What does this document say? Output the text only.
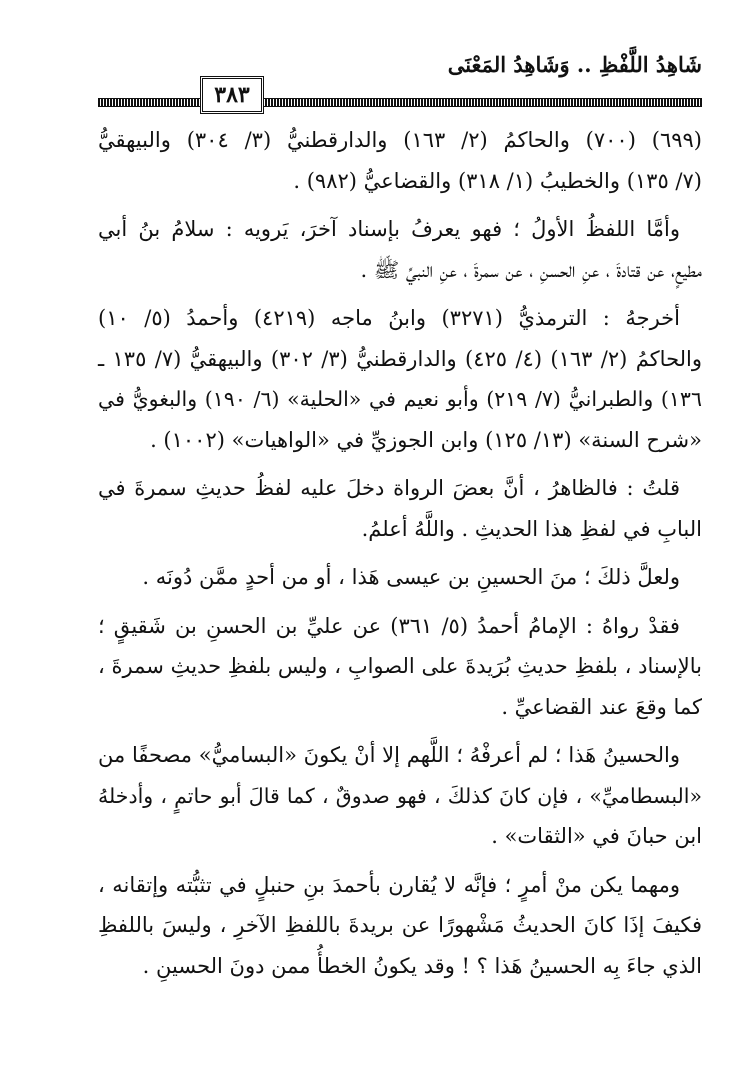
شَاهِدُ اللَّفْظِ .. وَشَاهِدُ المَعْنَى
٣٨٣
(٦٩٩) (٧٠٠) والحاكمُ (٢/ ١٦٣) والدارقطنيُّ (٣/ ٣٠٤) والبيهقيُّ
(٧/ ١٣٥) والخطيبُ (١/ ٣١٨) والقضاعيُّ (٩٨٢) .
وأمَّا اللفظُ الأولُ ؛ فهو يعرفُ بإسناد آخرَ، يَرويه : سلامُ بنُ أبي
مطيعٍ، عن قتادةَ ، عنِ الحسنِ ، عن سمرةَ ، عنِ النبيِّ ﷺ .
أخرجهُ : الترمذيُّ (٣٢٧١) وابنُ ماجه (٤٢١٩) وأحمدُ (٥/ ١٠)
والحاكمُ (٢/ ١٦٣) (٤/ ٤٢٥) والدارقطنيُّ (٣/ ٣٠٢) والبيهقيُّ (٧/ ١٣٥ ـ
١٣٦) والطبرانيُّ (٧/ ٢١٩) وأبو نعيم في «الحلية» (٦/ ١٩٠) والبغويُّ في
«شرح السنة» (١٣/ ١٢٥) وابن الجوزيِّ في «الواهيات» (١٠٠٢) .
قلتُ : فالظاهرُ ، أنَّ بعضَ الرواة دخلَ عليه لفظُ حديثِ سمرةَ في
البابِ في لفظِ هذا الحديثِ . واللَّهُ أعلمُ.
ولعلَّ ذلكَ ؛ منَ الحسينِ بن عيسى هَذا ، أو من أحدٍ ممَّن دُونَه .
فقدْ رواهُ : الإمامُ أحمدُ (٥/ ٣٦١) عن عليِّ بن الحسنِ بن شَقيقٍ ؛
بالإسناد ، بلفظِ حديثِ بُرَيدةَ على الصوابِ ، وليس بلفظِ حديثِ سمرةَ ،
كما وقعَ عند القضاعيِّ .
والحسينُ هَذا ؛ لم أعرفْهُ ؛ اللَّهم إلا أنْ يكونَ «البساميُّ» مصحفًا من
«البسطاميِّ» ، فإن كانَ كذلكَ ، فهو صدوقٌ ، كما قالَ أبو حاتمٍ ، وأدخلهُ
ابن حبانَ في «الثقات» .
ومهما يكن منْ أمرٍ ؛ فإنَّه لا يُقارن بأحمدَ بنِ حنبلٍ في تثبُّته وإتقانه ،
فكيفَ إذَا كانَ الحديثُ مَشْهورًا عن بريدةَ باللفظِ الآخرِ ، وليسَ باللفظِ
الذي جاءَ بِه الحسينُ هَذا ؟ ! وقد يكونُ الخطأُ ممن دونَ الحسينِ .
